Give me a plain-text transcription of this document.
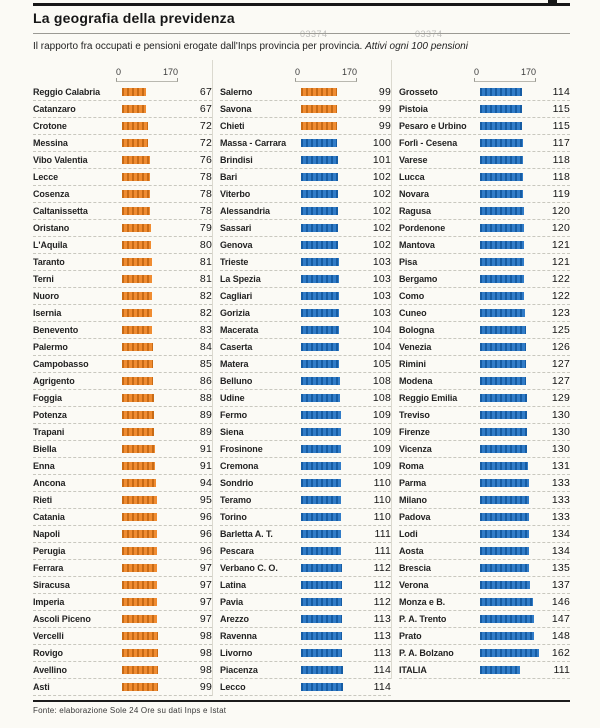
03374	03374
La geografia della previdenza
Il rapporto fra occupati e pensioni erogate dall'Inps provincia per provincia. Attivi ogni 100 pensioni
0	170
Reggio Calabria	67
Catanzaro	67
Crotone	72
Messina	72
Vibo Valentia	76
Lecce	78
Cosenza	78
Caltanissetta	78
Oristano	79
L'Aquila	80
Taranto	81
Terni	81
Nuoro	82
Isernia	82
Benevento	83
Palermo	84
Campobasso	85
Agrigento	86
Foggia	88
Potenza	89
Trapani	89
Biella	91
Enna	91
Ancona	94
Rieti	95
Catania	96
Napoli	96
Perugia	96
Ferrara	97
Siracusa	97
Imperia	97
Ascoli Piceno	97
Vercelli	98
Rovigo	98
Avellino	98
Asti	99
0	170
Salerno	99
Savona	99
Chieti	99
Massa - Carrara	100
Brindisi	101
Bari	102
Viterbo	102
Alessandria	102
Sassari	102
Genova	102
Trieste	103
La Spezia	103
Cagliari	103
Gorizia	103
Macerata	104
Caserta	104
Matera	105
Belluno	108
Udine	108
Fermo	109
Siena	109
Frosinone	109
Cremona	109
Sondrio	110
Teramo	110
Torino	110
Barletta A. T.	111
Pescara	111
Verbano C. O.	112
Latina	112
Pavia	112
Arezzo	113
Ravenna	113
Livorno	113
Piacenza	114
Lecco	114
0	170
Grosseto	114
Pistoia	115
Pesaro e Urbino	115
Forlì - Cesena	117
Varese	118
Lucca	118
Novara	119
Ragusa	120
Pordenone	120
Mantova	121
Pisa	121
Bergamo	122
Como	122
Cuneo	123
Bologna	125
Venezia	126
Rimini	127
Modena	127
Reggio Emilia	129
Treviso	130
Firenze	130
Vicenza	130
Roma	131
Parma	133
Milano	133
Padova	133
Lodi	134
Aosta	134
Brescia	135
Verona	137
Monza e B.	146
P. A. Trento	147
Prato	148
P. A. Bolzano	162
ITALIA	111
Fonte: elaborazione Sole 24 Ore su dati Inps e Istat
